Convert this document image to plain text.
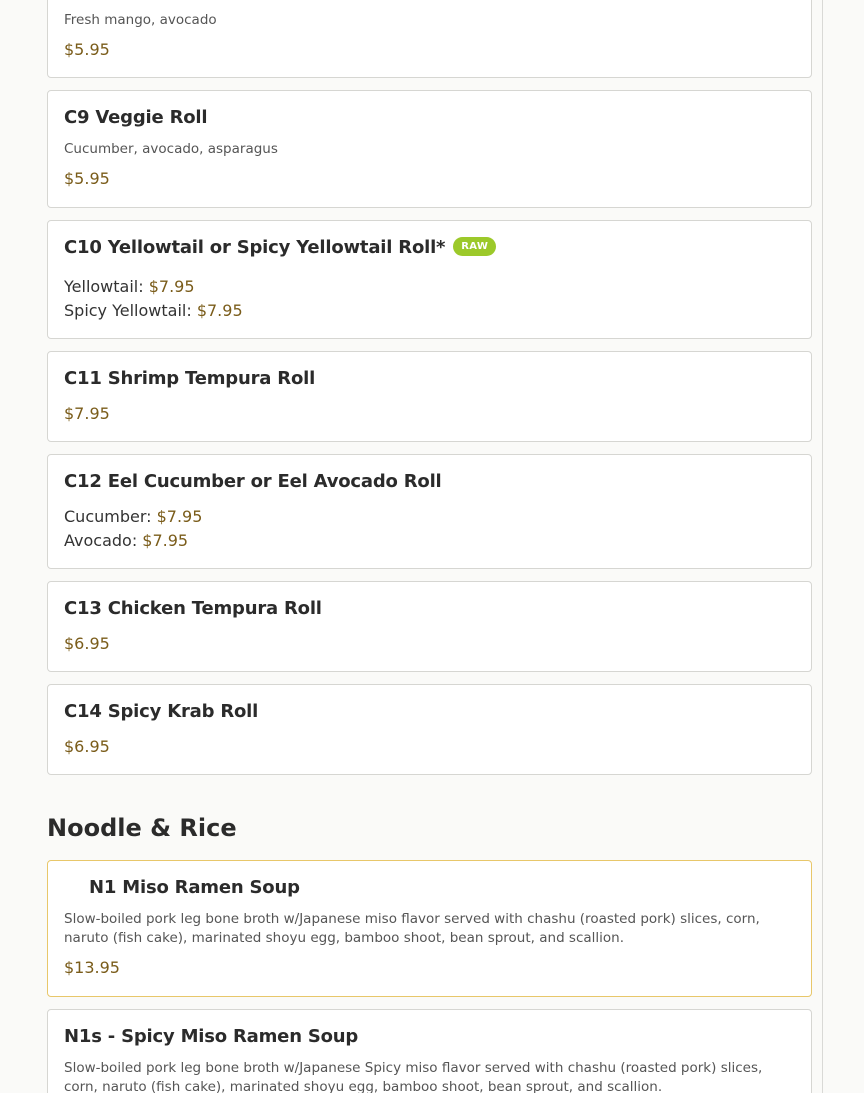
Fresh mango, avocado
$5.95
C9 Veggie Roll
Cucumber, avocado, asparagus
$5.95
C10 Yellowtail or Spicy Yellowtail Roll* RAW
Yellowtail: $7.95
Spicy Yellowtail: $7.95
C11 Shrimp Tempura Roll
$7.95
C12 Eel Cucumber or Eel Avocado Roll
Cucumber: $7.95
Avocado: $7.95
C13 Chicken Tempura Roll
$6.95
C14 Spicy Krab Roll
$6.95
Noodle & Rice
N1 Miso Ramen Soup
Slow-boiled pork leg bone broth w/Japanese miso flavor served with chashu (roasted pork) slices, corn, naruto (fish cake), marinated shoyu egg, bamboo shoot, bean sprout, and scallion.
$13.95
N1s - Spicy Miso Ramen Soup
Slow-boiled pork leg bone broth w/Japanese Spicy miso flavor served with chashu (roasted pork) slices, corn, naruto (fish cake), marinated shoyu egg, bamboo shoot, bean sprout, and scallion.
